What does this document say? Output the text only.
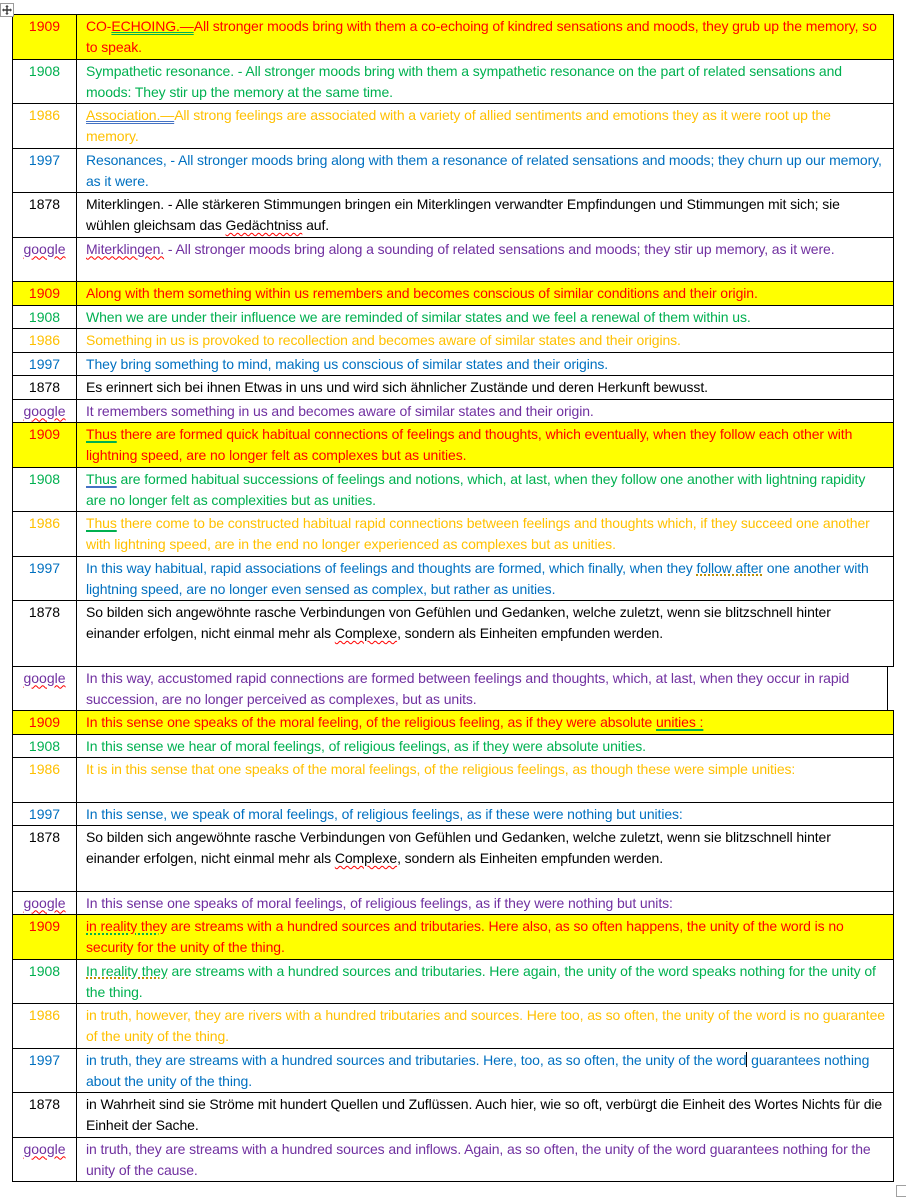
1909	CO-ECHOING.—All stronger moods bring with them a co-echoing of kindred sensations and moods, they grub up the memory, so to speak.
1908	Sympathetic resonance. - All stronger moods bring with them a sympathetic resonance on the part of related sensations and moods: They stir up the memory at the same time.
1986	Association.—All strong feelings are associated with a variety of allied sentiments and emotions they as it were root up the memory.
1997	Resonances, - All stronger moods bring along with them a resonance of related sensations and moods; they churn up our memory, as it were.
1878	Miterklingen. - Alle stärkeren Stimmungen bringen ein Miterklingen verwandter Empfindungen und Stimmungen mit sich; sie wühlen gleichsam das Gedächtniss auf.
google	Miterklingen. - All stronger moods bring along a sounding of related sensations and moods; they stir up memory, as it were.
1909	Along with them something within us remembers and becomes conscious of similar conditions and their origin.
1908	When we are under their influence we are reminded of similar states and we feel a renewal of them within us.
1986	Something in us is provoked to recollection and becomes aware of similar states and their origins.
1997	They bring something to mind, making us conscious of similar states and their origins.
1878	Es erinnert sich bei ihnen Etwas in uns und wird sich ähnlicher Zustände und deren Herkunft bewusst.
google	It remembers something in us and becomes aware of similar states and their origin.
1909	Thus there are formed quick habitual connections of feelings and thoughts, which eventually, when they follow each other with lightning speed, are no longer felt as complexes but as unities.
1908	Thus are formed habitual successions of feelings and notions, which, at last, when they follow one another with lightning rapidity are no longer felt as complexities but as unities.
1986	Thus there come to be constructed habitual rapid connections between feelings and thoughts which, if they succeed one another with lightning speed, are in the end no longer experienced as complexes but as unities.
1997	In this way habitual, rapid associations of feelings and thoughts are formed, which finally, when they follow after one another with lightning speed, are no longer even sensed as complex, but rather as unities.
1878	So bilden sich angewöhnte rasche Verbindungen von Gefühlen und Gedanken, welche zuletzt, wenn sie blitzschnell hinter einander erfolgen, nicht einmal mehr als Complexe, sondern als Einheiten empfunden werden.
google	In this way, accustomed rapid connections are formed between feelings and thoughts, which, at last, when they occur in rapid succession, are no longer perceived as complexes, but as units.
1909	In this sense one speaks of the moral feeling, of the religious feeling, as if they were absolute unities :
1908	In this sense we hear of moral feelings, of religious feelings, as if they were absolute unities.
1986	It is in this sense that one speaks of the moral feelings, of the religious feelings, as though these were simple unities:
1997	In this sense, we speak of moral feelings, of religious feelings, as if these were nothing but unities:
1878	So bilden sich angewöhnte rasche Verbindungen von Gefühlen und Gedanken, welche zuletzt, wenn sie blitzschnell hinter einander erfolgen, nicht einmal mehr als Complexe, sondern als Einheiten empfunden werden.
google	In this sense one speaks of moral feelings, of religious feelings, as if they were nothing but units:
1909	in reality they are streams with a hundred sources and tributaries. Here also, as so often happens, the unity of the word is no security for the unity of the thing.
1908	In reality they are streams with a hundred sources and tributaries. Here again, the unity of the word speaks nothing for the unity of the thing.
1986	in truth, however, they are rivers with a hundred tributaries and sources. Here too, as so often, the unity of the word is no guarantee of the unity of the thing.
1997	in truth, they are streams with a hundred sources and tributaries. Here, too, as so often, the unity of the word guarantees nothing about the unity of the thing.
1878	in Wahrheit sind sie Ströme mit hundert Quellen und Zuflüssen. Auch hier, wie so oft, verbürgt die Einheit des Wortes Nichts für die Einheit der Sache.
google	in truth, they are streams with a hundred sources and inflows. Again, as so often, the unity of the word guarantees nothing for the unity of the cause.
